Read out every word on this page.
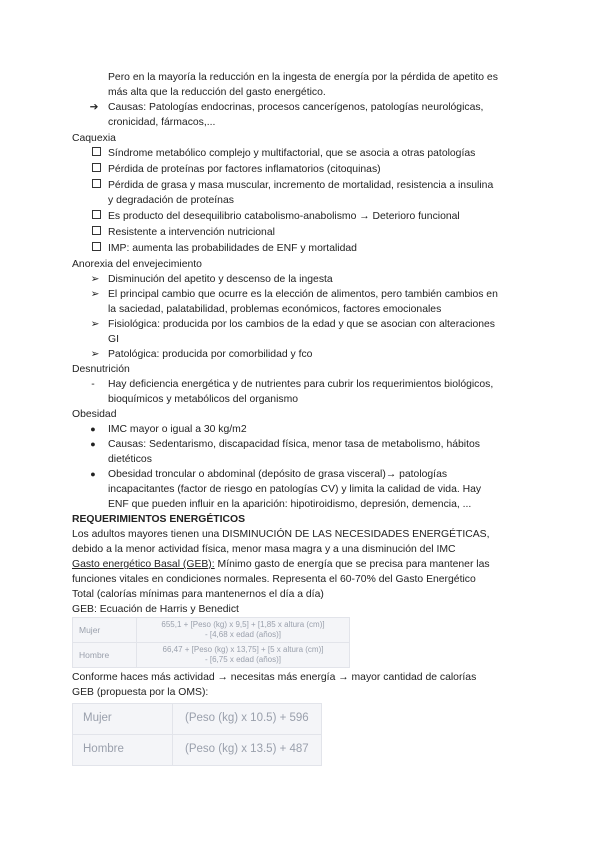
Pero en la mayoría la reducción en la ingesta de energía por la pérdida de apetito es
más alta que la reducción del gasto energético.
➔ Causas: Patologías endocrinas, procesos cancerígenos, patologías neurológicas,
cronicidad, fármacos,...
Caquexia
Síndrome metabólico complejo y multifactorial, que se asocia a otras patologías
Pérdida de proteínas por factores inflamatorios (citoquinas)
Pérdida de grasa y masa muscular, incremento de mortalidad, resistencia a insulina
y degradación de proteínas
Es producto del desequilibrio catabolismo-anabolismo → Deterioro funcional
Resistente a intervención nutricional
IMP: aumenta las probabilidades de ENF y mortalidad
Anorexia del envejecimiento
➢ Disminución del apetito y descenso de la ingesta
➢ El principal cambio que ocurre es la elección de alimentos, pero también cambios en
la saciedad, palatabilidad, problemas económicos, factores emocionales
➢ Fisiológica: producida por los cambios de la edad y que se asocian con alteraciones
GI
➢ Patológica: producida por comorbilidad y fco
Desnutrición
-	Hay deficiencia energética y de nutrientes para cubrir los requerimientos biológicos,
bioquímicos y metabólicos del organismo
Obesidad
●	IMC mayor o igual a 30 kg/m2
●	Causas: Sedentarismo, discapacidad física, menor tasa de metabolismo, hábitos
dietéticos
●	Obesidad troncular o abdominal (depósito de grasa visceral)→ patologías
incapacitantes (factor de riesgo en patologías CV) y limita la calidad de vida. Hay
ENF que pueden influir en la aparición: hipotiroidismo, depresión, demencia, ...
REQUERIMIENTOS ENERGÉTICOS
Los adultos mayores tienen una DISMINUCIÓN DE LAS NECESIDADES ENERGÉTICAS,
debido a la menor actividad física, menor masa magra y a una disminución del IMC
Gasto energético Basal (GEB): Mínimo gasto de energía que se precisa para mantener las
funciones vitales en condiciones normales. Representa el 60-70% del Gasto Energético
Total (calorías mínimas para mantenernos el día a día)
GEB: Ecuación de Harris y Benedict
Mujer	655,1 + [Peso (kg) x 9,5] + [1,85 x altura (cm)]
- [4,68 x edad (años)]

Hombre	66,47 + [Peso (kg) x 13,75] + [5 x altura (cm)]
- [6,75 x edad (años)]
Conforme haces más actividad → necesitas más energía → mayor cantidad de calorías
GEB (propuesta por la OMS):
Mujer	(Peso (kg) x 10.5) + 596
Hombre	(Peso (kg) x 13.5) + 487
